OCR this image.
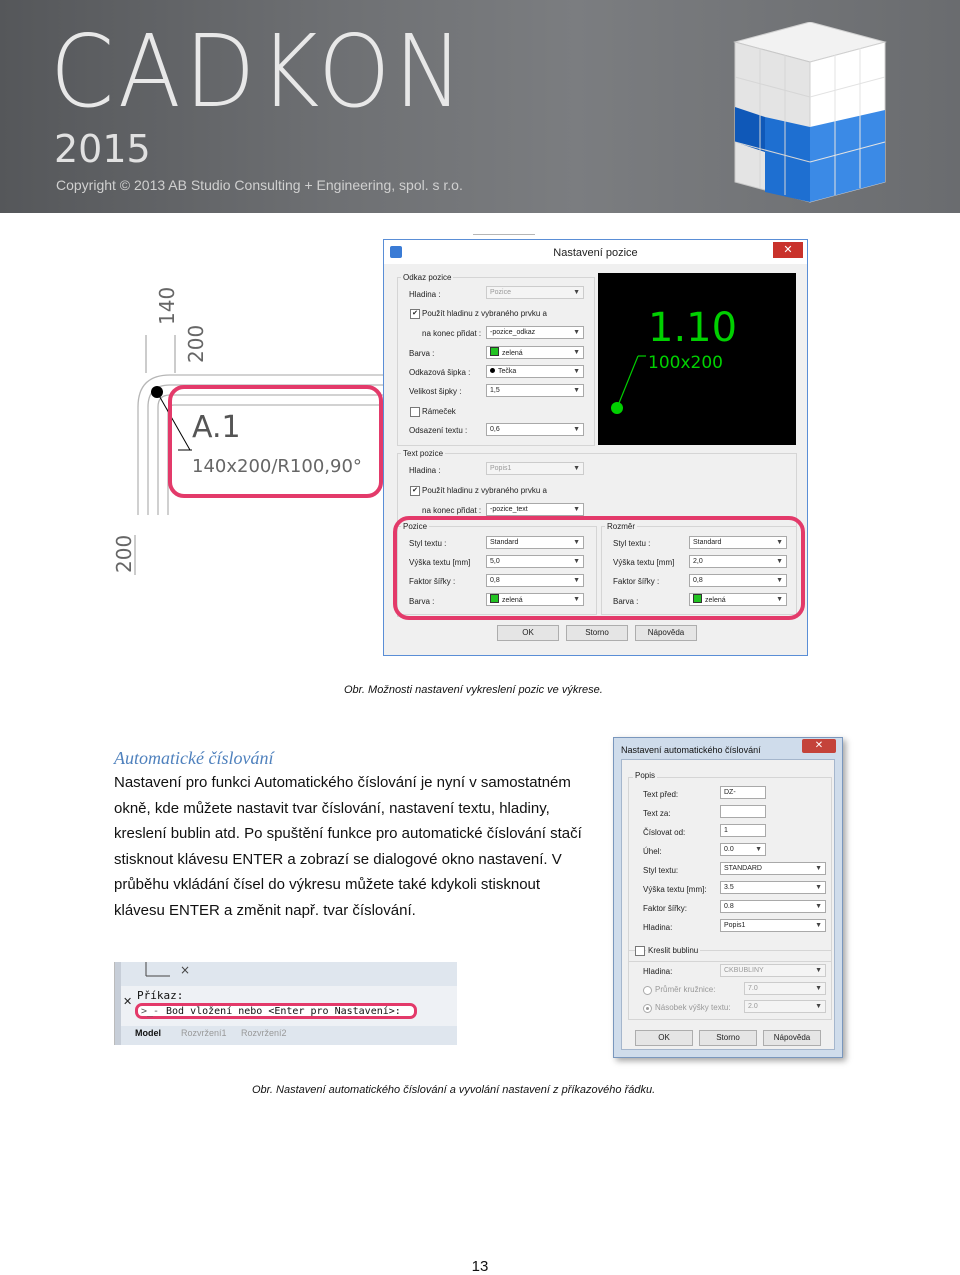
CADKON
2015
Copyright © 2013 AB Studio Consulting + Engineering, spol. s r.o.
140
200
200
A.1
140x200/R100,90°
Nastavení pozice	✕
Odkaz pozice
Hladina :	Pozice	▼
✔ Použít hladinu z vybraného prvku a
na konec přidat :	-pozice_odkaz	▼
Barva :	zelená	▼
Odkazová šipka :	Tečka	▼
Velikost šipky :	1,5	▼
Rámeček
Odsazení textu :	0,6	▼
Text pozice
Hladina :	Popis1	▼
✔ Použít hladinu z vybraného prvku a
na konec přidat :	-pozice_text	▼
Pozice	Rozměr
Styl textu :	Standard	▼
Výška textu [mm]	5,0	▼
Faktor šířky :	0,8	▼
Barva :	zelená	▼
Styl textu :	Standard	▼
Výška textu [mm]	2,0	▼
Faktor šířky :	0,8	▼
Barva :	zelená	▼
1.10
100x200
OK	Storno	Nápověda
Obr. Možnosti nastavení vykreslení pozic ve výkrese.
Automatické číslování
Nastavení pro funkci Automatického číslování je nyní v samostatném okně, kde můžete nastavit tvar číslování, nastavení textu, hladiny, kreslení bublin atd. Po spuštění funkce pro automatické číslování stačí stisknout klávesu ENTER a zobrazí se dialogové okno nastavení. V průběhu vkládání čísel do výkresu můžete také kdykoli stisknout klávesu ENTER a změnit např. tvar číslování.
×
✕ Příkaz:
>_- Bod vložení nebo <Enter pro Nastavení>:
Model Rozvržení1 Rozvržení2
Nastavení automatického číslování	✕
Popis
Text před:	DZ-
Text za:
Číslovat od:	1
Úhel:	0.0	▼
Styl textu:	STANDARD	▼
Výška textu [mm]:	3.5	▼
Faktor šířky:	0.8	▼
Hladina:	Popis1	▼
Kreslit bublinu
Hladina:	CKBUBLINY	▼
Průměr kružnice:	7.0	▼
Násobek výšky textu:	2.0	▼
OK	Storno	Nápověda
Obr. Nastavení automatického číslování a vyvolání nastavení z příkazového řádku.
13
